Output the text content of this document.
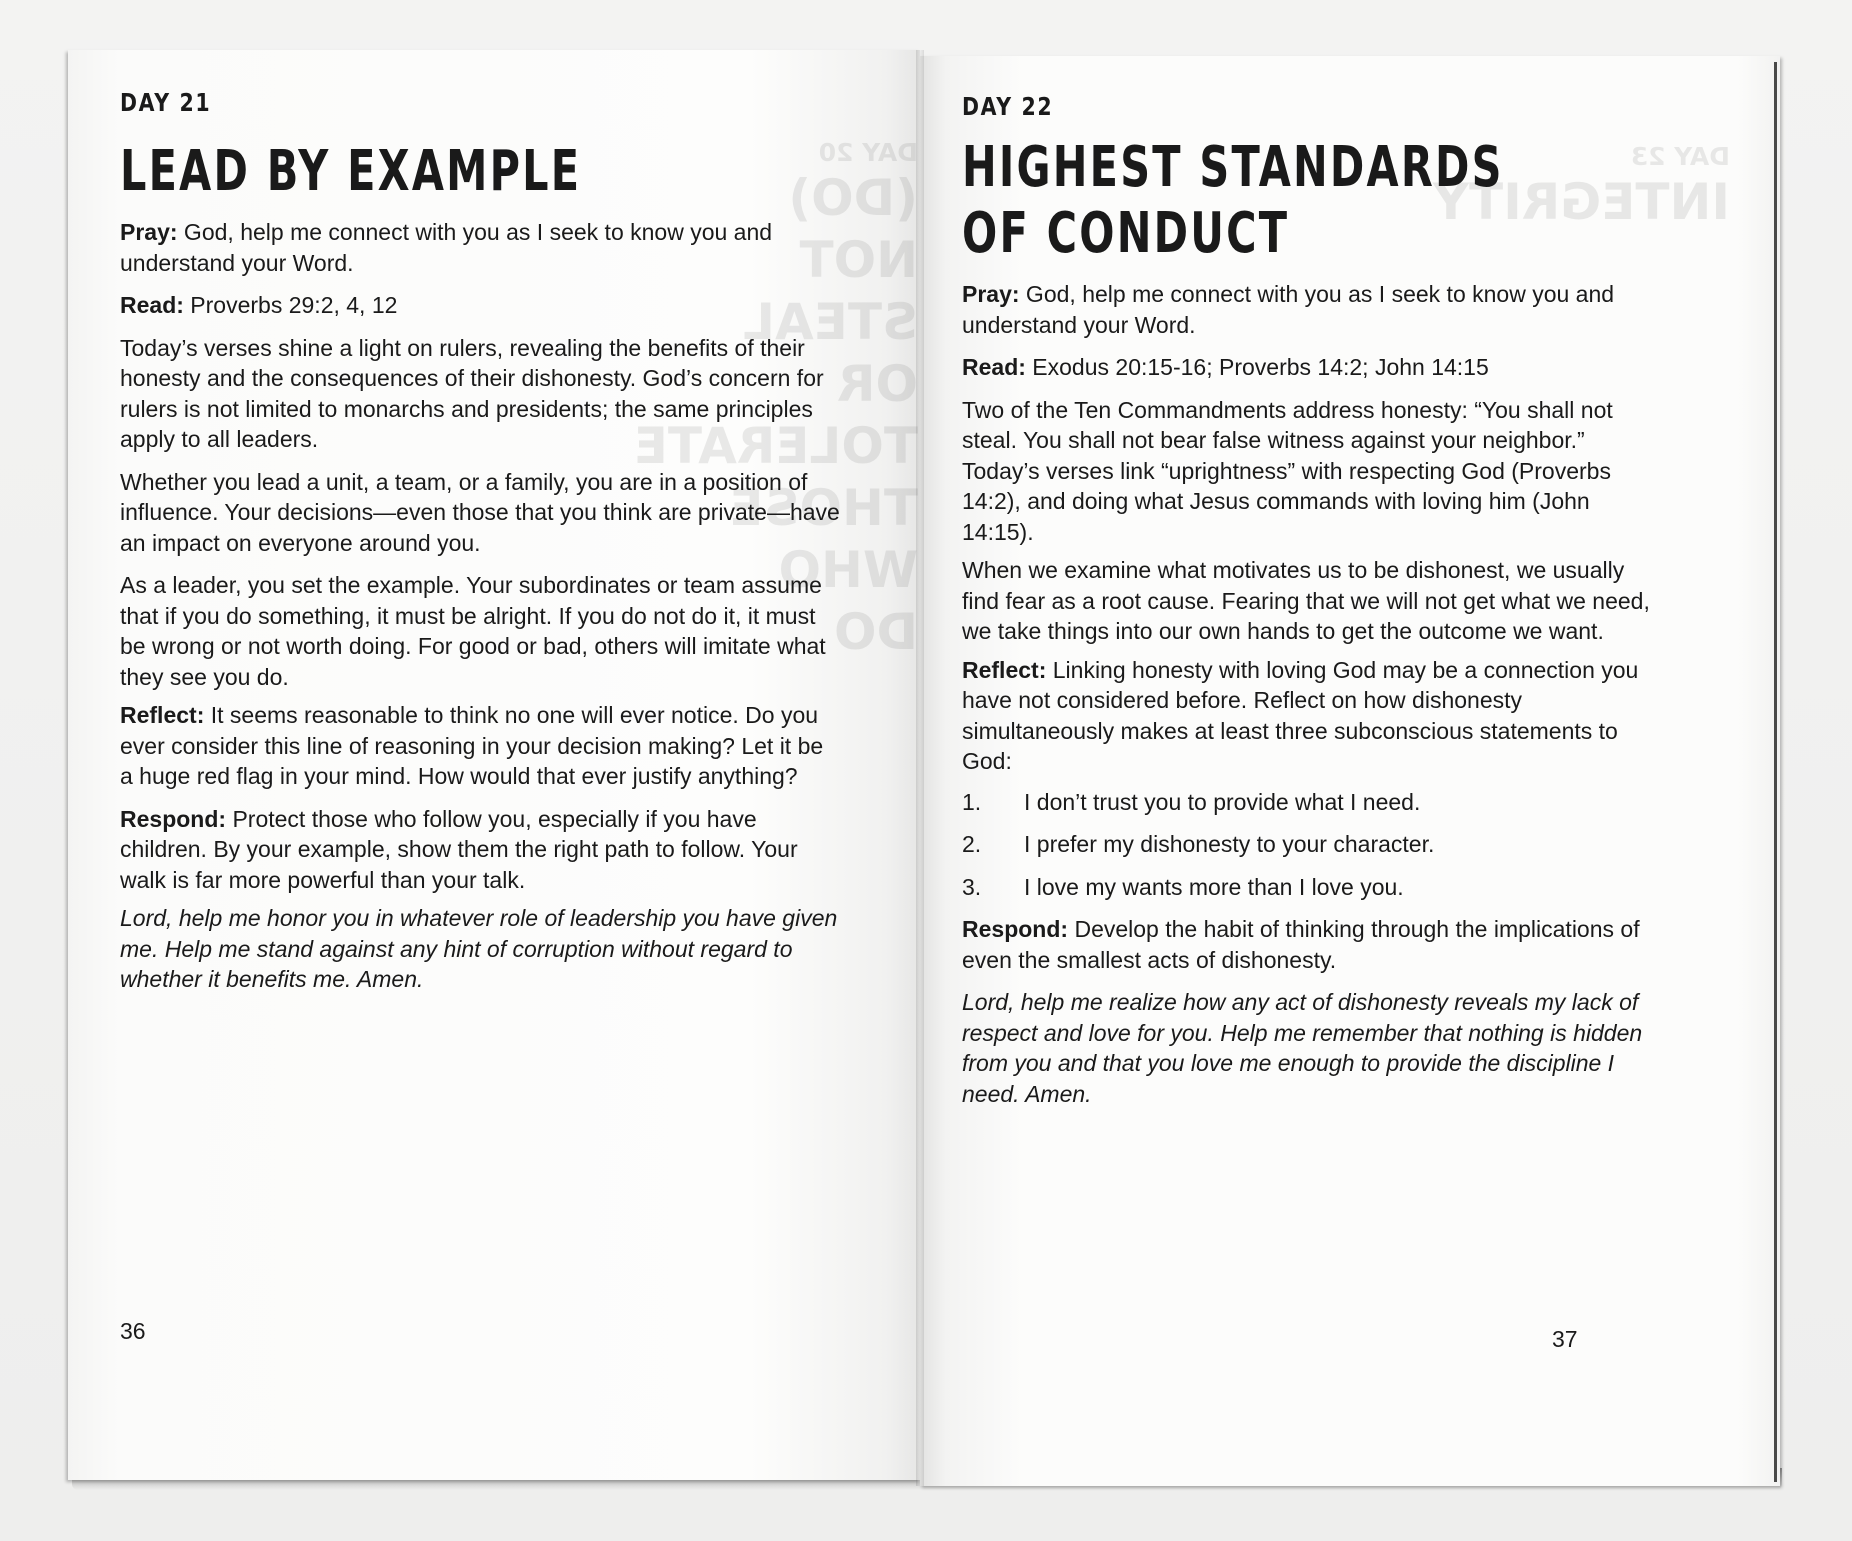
DAY 20
(DO) NOT STEAL OR TOLERATE THOSE WHO DO
DAY 23
INTEGRITY
DAY 21
LEAD BY EXAMPLE

Pray: God, help me connect with you as I seek to know you and understand your Word.

Read: Proverbs 29:2, 4, 12

Today’s verses shine a light on rulers, revealing the benefits of their honesty and the consequences of their dishonesty. God’s concern for rulers is not limited to monarchs and presidents; the same principles apply to all leaders.

Whether you lead a unit, a team, or a family, you are in a position of influence. Your decisions—even those that you think are private—have an impact on everyone around you.

As a leader, you set the example. Your subordinates or team assume that if you do something, it must be alright. If you do not do it, it must be wrong or not worth doing. For good or bad, others will imitate what they see you do.

Reflect: It seems reasonable to think no one will ever notice. Do you ever consider this line of reasoning in your decision making? Let it be a huge red flag in your mind. How would that ever justify anything?

Respond: Protect those who follow you, especially if you have children. By your example, show them the right path to follow. Your walk is far more powerful than your talk.

Lord, help me honor you in whatever role of leadership you have given me. Help me stand against any hint of corruption without regard to whether it benefits me. Amen.

36
DAY 22
HIGHEST STANDARDS
OF CONDUCT

Pray: God, help me connect with you as I seek to know you and understand your Word.

Read: Exodus 20:15-16; Proverbs 14:2; John 14:15

Two of the Ten Commandments address honesty: “You shall not steal. You shall not bear false witness against your neighbor.” Today’s verses link “uprightness” with respecting God (Proverbs 14:2), and doing what Jesus commands with loving him (John 14:15).

When we examine what motivates us to be dishonest, we usually find fear as a root cause. Fearing that we will not get what we need, we take things into our own hands to get the outcome we want.

Reflect: Linking honesty with loving God may be a connection you have not considered before. Reflect on how dishonesty simultaneously makes at least three subconscious statements to God:

1.	I don’t trust you to provide what I need.
2.	I prefer my dishonesty to your character.
3.	I love my wants more than I love you.

Respond: Develop the habit of thinking through the implications of even the smallest acts of dishonesty.

Lord, help me realize how any act of dishonesty reveals my lack of respect and love for you. Help me remember that nothing is hidden from you and that you love me enough to provide the discipline I need. Amen.

37
